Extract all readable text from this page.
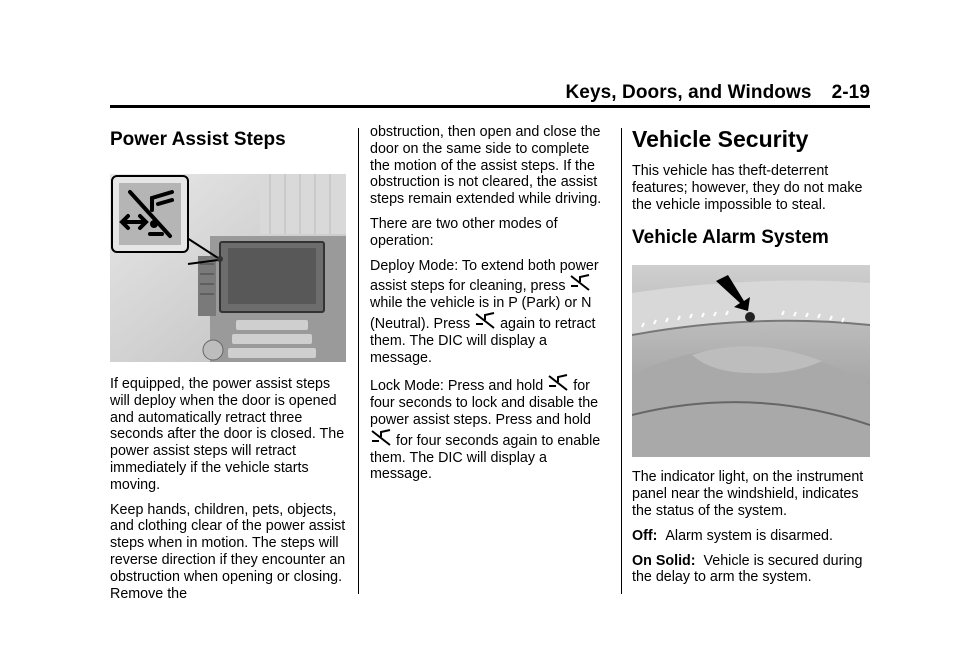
Keys, Doors, and Windows 2-19
Power Assist Steps

If equipped, the power assist steps will deploy when the door is opened and automatically retract three seconds after the door is closed. The power assist steps will retract immediately if the vehicle starts moving.

Keep hands, children, pets, objects, and clothing clear of the power assist steps when in motion. The steps will reverse direction if they encounter an obstruction when opening or closing. Remove the

obstruction, then open and close the door on the same side to complete the motion of the assist steps. If the obstruction is not cleared, the assist steps remain extended while driving.

There are two other modes of operation:

Deploy Mode: To extend both power assist steps for cleaning, press  while the vehicle is in P (Park) or N (Neutral). Press again to retract them. The DIC will display a message.

Lock Mode: Press and hold for four seconds to lock and disable the power assist steps. Press and hold  for four seconds again to enable them. The DIC will display a message.

Vehicle Security

This vehicle has theft-deterrent features; however, they do not make the vehicle impossible to steal.

Vehicle Alarm System

The indicator light, on the instrument panel near the windshield, indicates the status of the system.

Off: Alarm system is disarmed.

On Solid: Vehicle is secured during the delay to arm the system.
